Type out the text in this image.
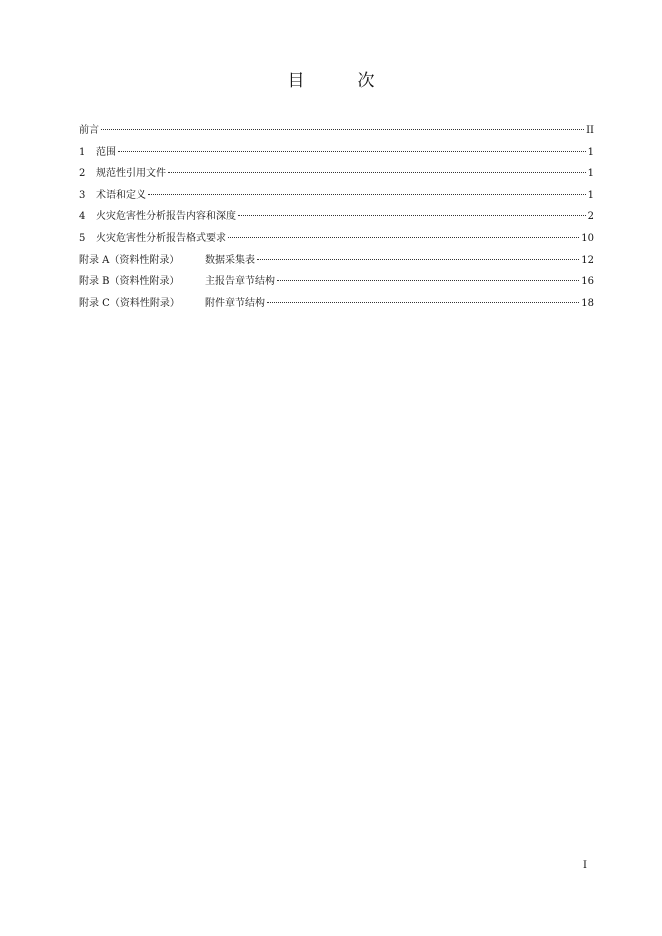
目　次
前言	II
1	范围	1
2	规范性引用文件	1
3	术语和定义	1
4	火灾危害性分析报告内容和深度	2
5	火灾危害性分析报告格式要求	10
附录 A（资料性附录）	数据采集表	12
附录 B（资料性附录）	主报告章节结构	16
附录 C（资料性附录）	附件章节结构	18
I
